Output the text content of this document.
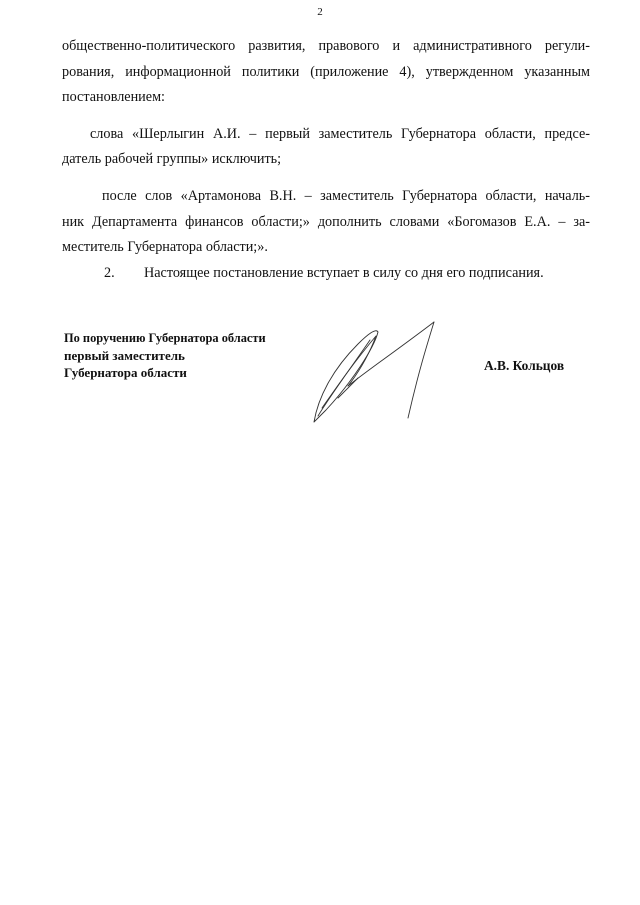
2
общественно-политического развития, правового и административного регули-
рования, информационной политики (приложение 4), утвержденном указанным
постановлением:
слова «Шерлыгин А.И. – первый заместитель Губернатора области, предсе-
датель рабочей группы» исключить;
после слов «Артамонова В.Н. – заместитель Губернатора области, началь-
ник Департамента финансов области;» дополнить словами «Богомазов Е.А. – за-
меститель Губернатора области;».
2. Настоящее постановление вступает в силу со дня его подписания.
По поручению Губернатора области
первый заместитель
Губернатора области	А.В. Кольцов
